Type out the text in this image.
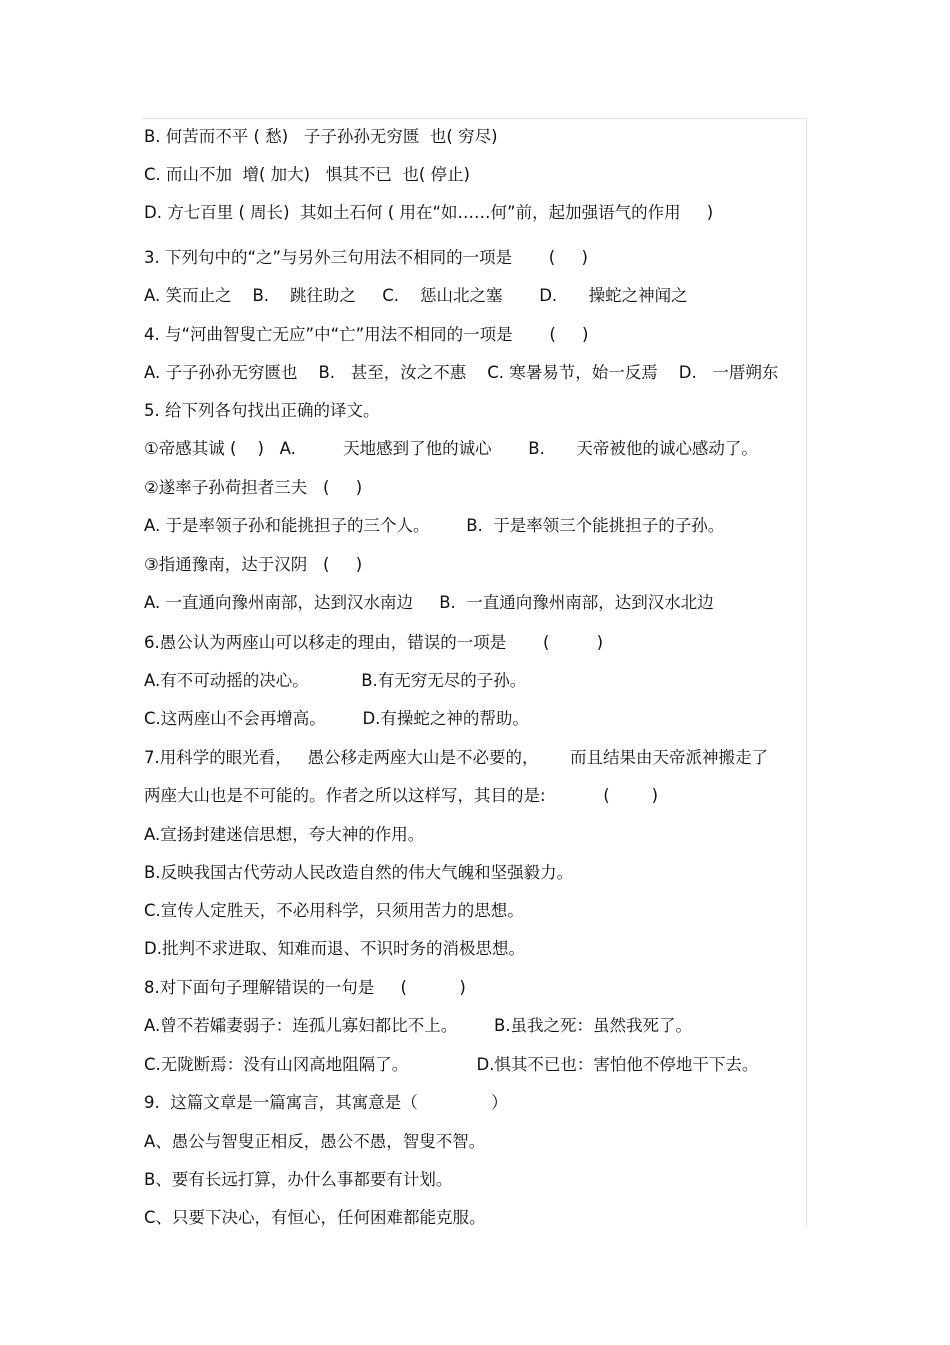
B. 何苦而不平 ( 愁)   子子孙孙无穷匮  也( 穷尽)
C. 而山不加  增( 加大)   惧其不已  也( 停止)
D. 方七百里 ( 周长)  其如土石何 ( 用在“如……何”前，起加强语气的作用     )
3. 下列句中的“之”与另外三句用法不相同的一项是       (     )
A. 笑而止之    B.    跳往助之     C.    惩山北之塞       D.      操蛇之神闻之
4. 与“河曲智叟亡无应”中“亡”用法不相同的一项是       (     )
A. 子子孙孙无穷匮也    B.   甚至，汝之不惠    C. 寒暑易节，始一反焉    D.   一厝朔东
5. 给下列各句找出正确的译文。
①帝感其诚 (    )   A.         天地感到了他的诚心       B.      天帝被他的诚心感动了。
②遂率子孙荷担者三夫   (     )
A. 于是率领子孙和能挑担子的三个人。       B.  于是率领三个能挑担子的子孙。
③指通豫南，达于汉阴   (     )
A. 一直通向豫州南部，达到汉水南边     B.  一直通向豫州南部，达到汉水北边
6.愚公认为两座山可以移走的理由，错误的一项是       (         )
A.有不可动摇的决心。          B.有无穷无尽的子孙。
C.这两座山不会再增高。       D.有操蛇之神的帮助。
7.用科学的眼光看，   愚公移走两座大山是不必要的，      而且结果由天帝派神搬走了
两座大山也是不可能的。作者之所以这样写，其目的是:           (        )
A.宣扬封建迷信思想，夸大神的作用。
B.反映我国古代劳动人民改造自然的伟大气魄和坚强毅力。
C.宣传人定胜天，不必用科学，只须用苦力的思想。
D.批判不求进取、知难而退、不识时务的消极思想。
8.对下面句子理解错误的一句是     (          )
A.曾不若孀妻弱子：连孤儿寡妇都比不上。       B.虽我之死：虽然我死了。
C.无陇断焉：没有山冈高地阻隔了。             D.惧其不已也：害怕他不停地干下去。
9.  这篇文章是一篇寓言，其寓意是（              ）
A、愚公与智叟正相反，愚公不愚，智叟不智。
B、要有长远打算，办什么事都要有计划。
C、只要下决心，有恒心，任何困难都能克服。
